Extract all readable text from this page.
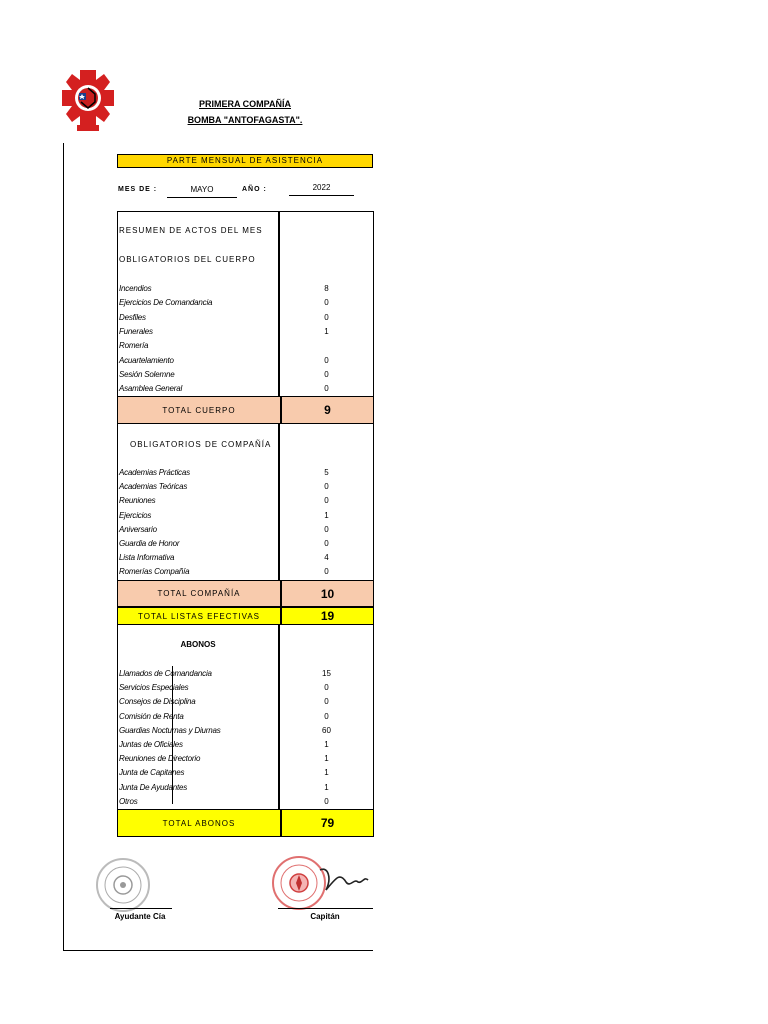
PRIMERA COMPAÑÍA
BOMBA "ANTOFAGASTA".
PARTE MENSUAL DE ASISTENCIA
MES DE :	MAYO	AÑO :	2022
RESUMEN DE ACTOS DEL MES
OBLIGATORIOS DEL CUERPO
Incendios	8
Ejercicios De Comandancia	0
Desfiles	0
Funerales	1
Romería
Acuartelamiento	0
Sesión Solemne	0
Asamblea General	0
TOTAL CUERPO	9
OBLIGATORIOS DE COMPAÑÍA
Academias Prácticas	5
Academias Teóricas	0
Reuniones	0
Ejercicios	1
Aniversario	0
Guardia de Honor	0
Lista Informativa	4
Romerías Compañía	0
TOTAL COMPAÑÍA	10
TOTAL LISTAS EFECTIVAS	19
ABONOS
Llamados de Comandancia	15
Servicios Especiales	0
Consejos de Disciplina	0
Comisión de Renta	0
Guardias Nocturnas y Diurnas	60
Juntas de Oficiales	1
Reuniones de Directorio	1
Junta de Capitanes	1
Junta De Ayudantes	1
Otros	0
TOTAL ABONOS	79
Ayudante Cía	Capitán
